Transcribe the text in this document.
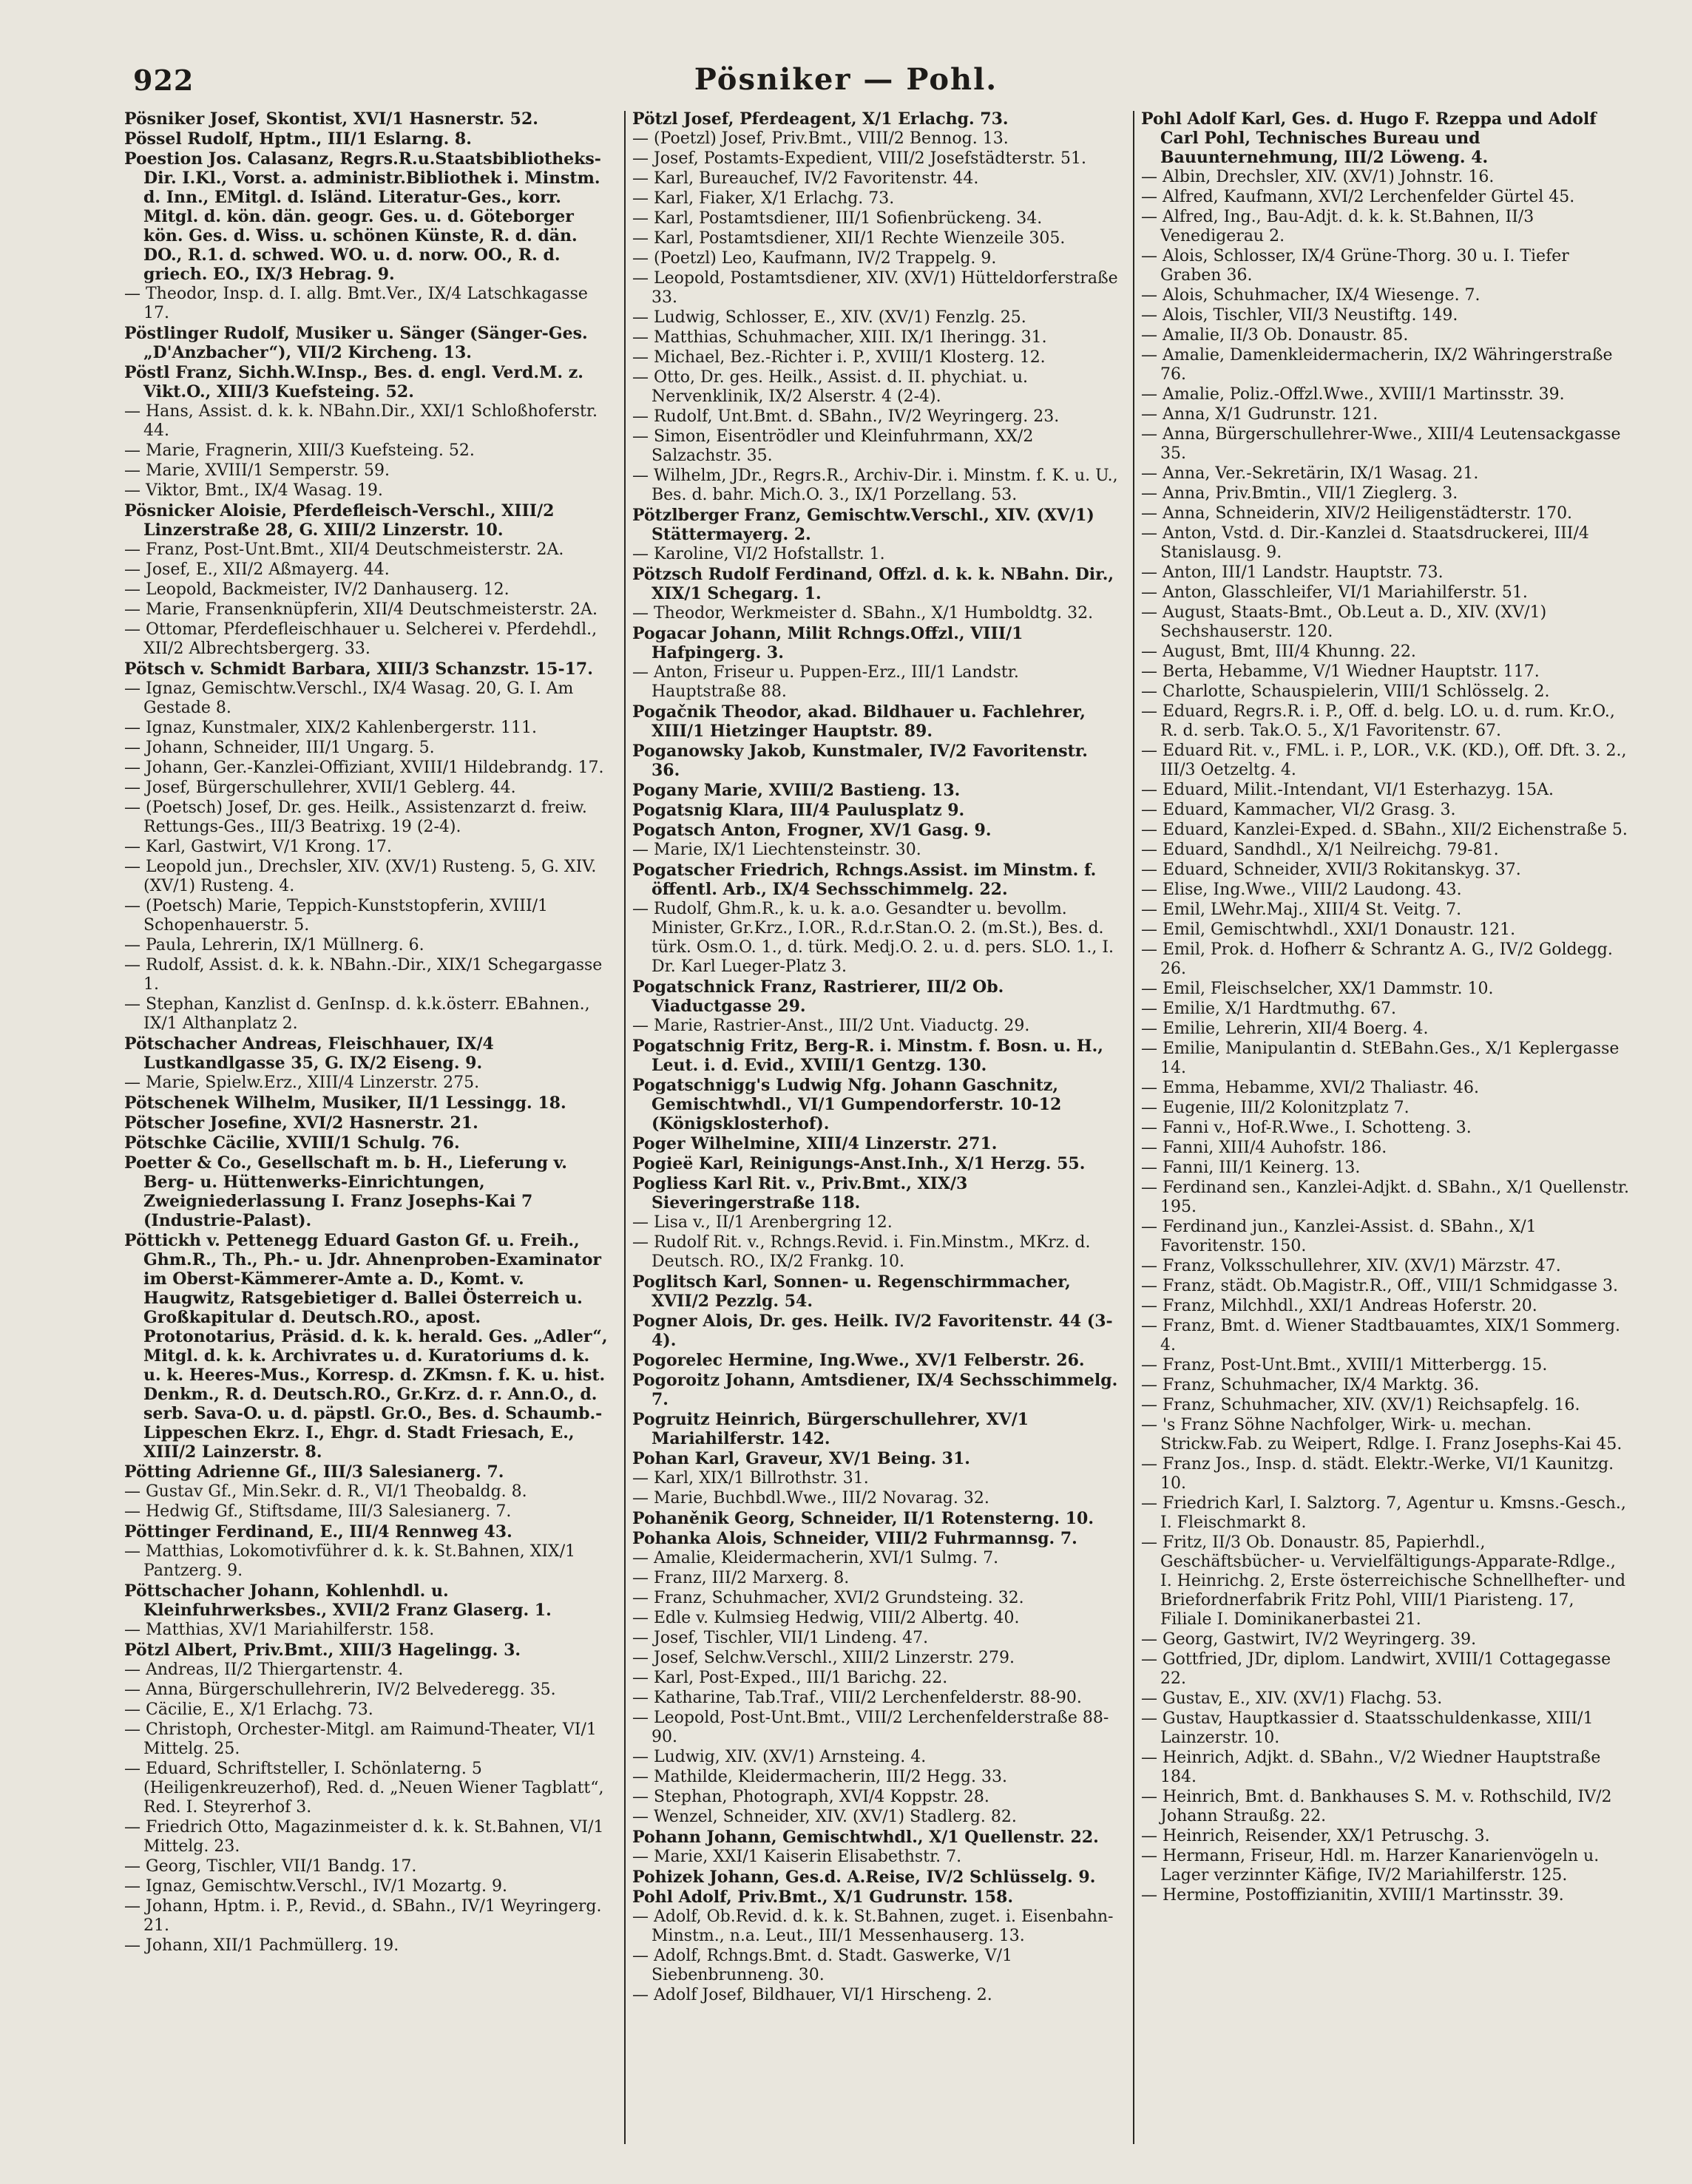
922	Pösniker — Pohl.
Pösniker Josef, Skontist, XVI/1 Hasnerstr. 52.
Pössel Rudolf, Hptm., III/1 Eslarng. 8.
Poestion Jos. Calasanz, Regrs.R.u.Staatsbibliotheks-Dir. I.Kl., Vorst. a. administr.Bibliothek i. Minstm. d. Inn., EMitgl. d. Isländ. Literatur-Ges., korr. Mitgl. d. kön. dän. geogr. Ges. u. d. Göteborger kön. Ges. d. Wiss. u. schönen Künste, R. d. dän. DO., R.1. d. schwed. WO. u. d. norw. OO., R. d. griech. EO., IX/3 Hebrag. 9.
— Theodor, Insp. d. I. allg. Bmt.Ver., IX/4 Latschkagasse 17.
Pöstlinger Rudolf, Musiker u. Sänger (Sänger-Ges. „D'Anzbacher“), VII/2 Kircheng. 13.
Pöstl Franz, Sichh.W.Insp., Bes. d. engl. Verd.M. z. Vikt.O., XIII/3 Kuefsteing. 52.
— Hans, Assist. d. k. k. NBahn.Dir., XXI/1 Schloßhoferstr. 44.
— Marie, Fragnerin, XIII/3 Kuefsteing. 52.
— Marie, XVIII/1 Semperstr. 59.
— Viktor, Bmt., IX/4 Wasag. 19.
Pösnicker Aloisie, Pferdefleisch-Verschl., XIII/2 Linzerstraße 28, G. XIII/2 Linzerstr. 10.
— Franz, Post-Unt.Bmt., XII/4 Deutschmeisterstr. 2A.
— Josef, E., XII/2 Aßmayerg. 44.
— Leopold, Backmeister, IV/2 Danhauserg. 12.
— Marie, Fransenknüpferin, XII/4 Deutschmeisterstr. 2A.
— Ottomar, Pferdefleischhauer u. Selcherei v. Pferdehdl., XII/2 Albrechtsbergerg. 33.
Pötsch v. Schmidt Barbara, XIII/3 Schanzstr. 15-17.
— Ignaz, Gemischtw.Verschl., IX/4 Wasag. 20, G. I. Am Gestade 8.
— Ignaz, Kunstmaler, XIX/2 Kahlenbergerstr. 111.
— Johann, Schneider, III/1 Ungarg. 5.
— Johann, Ger.-Kanzlei-Offiziant, XVIII/1 Hildebrandg. 17.
— Josef, Bürgerschullehrer, XVII/1 Geblerg. 44.
— (Poetsch) Josef, Dr. ges. Heilk., Assistenzarzt d. freiw. Rettungs-Ges., III/3 Beatrixg. 19 (2-4).
— Karl, Gastwirt, V/1 Krong. 17.
— Leopold jun., Drechsler, XIV. (XV/1) Rusteng. 5, G. XIV. (XV/1) Rusteng. 4.
— (Poetsch) Marie, Teppich-Kunststopferin, XVIII/1 Schopenhauerstr. 5.
— Paula, Lehrerin, IX/1 Müllnerg. 6.
— Rudolf, Assist. d. k. k. NBahn.-Dir., XIX/1 Schegargasse 1.
— Stephan, Kanzlist d. GenInsp. d. k.k.österr. EBahnen., IX/1 Althanplatz 2.
Pötschacher Andreas, Fleischhauer, IX/4 Lustkandlgasse 35, G. IX/2 Eiseng. 9.
— Marie, Spielw.Erz., XIII/4 Linzerstr. 275.
Pötschenek Wilhelm, Musiker, II/1 Lessingg. 18.
Pötscher Josefine, XVI/2 Hasnerstr. 21.
Pötschke Cäcilie, XVIII/1 Schulg. 76.
Poetter & Co., Gesellschaft m. b. H., Lieferung v. Berg- u. Hüttenwerks-Einrichtungen, Zweigniederlassung I. Franz Josephs-Kai 7 (Industrie-Palast).
Pöttickh v. Pettenegg Eduard Gaston Gf. u. Freih., Ghm.R., Th., Ph.- u. Jdr. Ahnenproben-Examinator im Oberst-Kämmerer-Amte a. D., Komt. v. Haugwitz, Ratsgebietiger d. Ballei Österreich u. Großkapitular d. Deutsch.RO., apost. Protonotarius, Präsid. d. k. k. herald. Ges. „Adler“, Mitgl. d. k. k. Archivrates u. d. Kuratoriums d. k. u. k. Heeres-Mus., Korresp. d. ZKmsn. f. K. u. hist. Denkm., R. d. Deutsch.RO., Gr.Krz. d. r. Ann.O., d. serb. Sava-O. u. d. päpstl. Gr.O., Bes. d. Schaumb.-Lippeschen Ekrz. I., Ehgr. d. Stadt Friesach, E., XIII/2 Lainzerstr. 8.
Pötting Adrienne Gf., III/3 Salesianerg. 7.
— Gustav Gf., Min.Sekr. d. R., VI/1 Theobaldg. 8.
— Hedwig Gf., Stiftsdame, III/3 Salesianerg. 7.
Pöttinger Ferdinand, E., III/4 Rennweg 43.
— Matthias, Lokomotivführer d. k. k. St.Bahnen, XIX/1 Pantzerg. 9.
Pöttschacher Johann, Kohlenhdl. u. Kleinfuhrwerksbes., XVII/2 Franz Glaserg. 1.
— Matthias, XV/1 Mariahilferstr. 158.
Pötzl Albert, Priv.Bmt., XIII/3 Hagelingg. 3.
— Andreas, II/2 Thiergartenstr. 4.
— Anna, Bürgerschullehrerin, IV/2 Belvederegg. 35.
— Cäcilie, E., X/1 Erlachg. 73.
— Christoph, Orchester-Mitgl. am Raimund-Theater, VI/1 Mittelg. 25.
— Eduard, Schriftsteller, I. Schönlaterng. 5 (Heiligenkreuzerhof), Red. d. „Neuen Wiener Tagblatt“, Red. I. Steyrerhof 3.
— Friedrich Otto, Magazinmeister d. k. k. St.Bahnen, VI/1 Mittelg. 23.
— Georg, Tischler, VII/1 Bandg. 17.
— Ignaz, Gemischtw.Verschl., IV/1 Mozartg. 9.
— Johann, Hptm. i. P., Revid., d. SBahn., IV/1 Weyringerg. 21.
— Johann, XII/1 Pachmüllerg. 19.
Pötzl Josef, Pferdeagent, X/1 Erlachg. 73.
— (Poetzl) Josef, Priv.Bmt., VIII/2 Bennog. 13.
— Josef, Postamts-Expedient, VIII/2 Josefstädterstr. 51.
— Karl, Bureauchef, IV/2 Favoritenstr. 44.
— Karl, Fiaker, X/1 Erlachg. 73.
— Karl, Postamtsdiener, III/1 Sofienbrückeng. 34.
— Karl, Postamtsdiener, XII/1 Rechte Wienzeile 305.
— (Poetzl) Leo, Kaufmann, IV/2 Trappelg. 9.
— Leopold, Postamtsdiener, XIV. (XV/1) Hütteldorferstraße 33.
— Ludwig, Schlosser, E., XIV. (XV/1) Fenzlg. 25.
— Matthias, Schuhmacher, XIII. IX/1 Iheringg. 31.
— Michael, Bez.-Richter i. P., XVIII/1 Klosterg. 12.
— Otto, Dr. ges. Heilk., Assist. d. II. phychiat. u. Nervenklinik, IX/2 Alserstr. 4 (2-4).
— Rudolf, Unt.Bmt. d. SBahn., IV/2 Weyringerg. 23.
— Simon, Eisentrödler und Kleinfuhrmann, XX/2 Salzachstr. 35.
— Wilhelm, JDr., Regrs.R., Archiv-Dir. i. Minstm. f. K. u. U., Bes. d. bahr. Mich.O. 3., IX/1 Porzellang. 53.
Pötzlberger Franz, Gemischtw.Verschl., XIV. (XV/1) Stättermayerg. 2.
— Karoline, VI/2 Hofstallstr. 1.
Pötzsch Rudolf Ferdinand, Offzl. d. k. k. NBahn. Dir., XIX/1 Schegarg. 1.
— Theodor, Werkmeister d. SBahn., X/1 Humboldtg. 32.
Pogacar Johann, Milit Rchngs.Offzl., VIII/1 Hafpingerg. 3.
— Anton, Friseur u. Puppen-Erz., III/1 Landstr. Hauptstraße 88.
Pogačnik Theodor, akad. Bildhauer u. Fachlehrer, XIII/1 Hietzinger Hauptstr. 89.
Poganowsky Jakob, Kunstmaler, IV/2 Favoritenstr. 36.
Pogany Marie, XVIII/2 Bastieng. 13.
Pogatsnig Klara, III/4 Paulusplatz 9.
Pogatsch Anton, Frogner, XV/1 Gasg. 9.
— Marie, IX/1 Liechtensteinstr. 30.
Pogatscher Friedrich, Rchngs.Assist. im Minstm. f. öffentl. Arb., IX/4 Sechsschimmelg. 22.
— Rudolf, Ghm.R., k. u. k. a.o. Gesandter u. bevollm. Minister, Gr.Krz., I.OR., R.d.r.Stan.O. 2. (m.St.), Bes. d. türk. Osm.O. 1., d. türk. Medj.O. 2. u. d. pers. SLO. 1., I. Dr. Karl Lueger-Platz 3.
Pogatschnick Franz, Rastrierer, III/2 Ob. Viaductgasse 29.
— Marie, Rastrier-Anst., III/2 Unt. Viaductg. 29.
Pogatschnig Fritz, Berg-R. i. Minstm. f. Bosn. u. H., Leut. i. d. Evid., XVIII/1 Gentzg. 130.
Pogatschnigg's Ludwig Nfg. Johann Gaschnitz, Gemischtwhdl., VI/1 Gumpendorferstr. 10-12 (Königsklosterhof).
Poger Wilhelmine, XIII/4 Linzerstr. 271.
Pogieë Karl, Reinigungs-Anst.Inh., X/1 Herzg. 55.
Pogliess Karl Rit. v., Priv.Bmt., XIX/3 Sieveringerstraße 118.
— Lisa v., II/1 Arenbergring 12.
— Rudolf Rit. v., Rchngs.Revid. i. Fin.Minstm., MKrz. d. Deutsch. RO., IX/2 Frankg. 10.
Poglitsch Karl, Sonnen- u. Regenschirmmacher, XVII/2 Pezzlg. 54.
Pogner Alois, Dr. ges. Heilk. IV/2 Favoritenstr. 44 (3-4).
Pogorelec Hermine, Ing.Wwe., XV/1 Felberstr. 26.
Pogoroitz Johann, Amtsdiener, IX/4 Sechsschimmelg. 7.
Pogruitz Heinrich, Bürgerschullehrer, XV/1 Mariahilferstr. 142.
Pohan Karl, Graveur, XV/1 Being. 31.
— Karl, XIX/1 Billrothstr. 31.
— Marie, Buchbdl.Wwe., III/2 Novarag. 32.
Pohaněnik Georg, Schneider, II/1 Rotensterng. 10.
Pohanka Alois, Schneider, VIII/2 Fuhrmannsg. 7.
— Amalie, Kleidermacherin, XVI/1 Sulmg. 7.
— Franz, III/2 Marxerg. 8.
— Franz, Schuhmacher, XVI/2 Grundsteing. 32.
— Edle v. Kulmsieg Hedwig, VIII/2 Albertg. 40.
— Josef, Tischler, VII/1 Lindeng. 47.
— Josef, Selchw.Verschl., XIII/2 Linzerstr. 279.
— Karl, Post-Exped., III/1 Barichg. 22.
— Katharine, Tab.Traf., VIII/2 Lerchenfelderstr. 88-90.
— Leopold, Post-Unt.Bmt., VIII/2 Lerchenfelderstraße 88-90.
— Ludwig, XIV. (XV/1) Arnsteing. 4.
— Mathilde, Kleidermacherin, III/2 Hegg. 33.
— Stephan, Photograph, XVI/4 Koppstr. 28.
— Wenzel, Schneider, XIV. (XV/1) Stadlerg. 82.
Pohann Johann, Gemischtwhdl., X/1 Quellenstr. 22.
— Marie, XXI/1 Kaiserin Elisabethstr. 7.
Pohizek Johann, Ges.d. A.Reise, IV/2 Schlüsselg. 9.
Pohl Adolf, Priv.Bmt., X/1 Gudrunstr. 158.
— Adolf, Ob.Revid. d. k. k. St.Bahnen, zuget. i. Eisenbahn-Minstm., n.a. Leut., III/1 Messenhauserg. 13.
— Adolf, Rchngs.Bmt. d. Stadt. Gaswerke, V/1 Siebenbrunneng. 30.
— Adolf Josef, Bildhauer, VI/1 Hirscheng. 2.
Pohl Adolf Karl, Ges. d. Hugo F. Rzeppa und Adolf Carl Pohl, Technisches Bureau und Bauunternehmung, III/2 Löweng. 4.
— Albin, Drechsler, XIV. (XV/1) Johnstr. 16.
— Alfred, Kaufmann, XVI/2 Lerchenfelder Gürtel 45.
— Alfred, Ing., Bau-Adjt. d. k. k. St.Bahnen, II/3 Venedigerau 2.
— Alois, Schlosser, IX/4 Grüne-Thorg. 30 u. I. Tiefer Graben 36.
— Alois, Schuhmacher, IX/4 Wiesenge. 7.
— Alois, Tischler, VII/3 Neustiftg. 149.
— Amalie, II/3 Ob. Donaustr. 85.
— Amalie, Damenkleidermacherin, IX/2 Währingerstraße 76.
— Amalie, Poliz.-Offzl.Wwe., XVIII/1 Martinsstr. 39.
— Anna, X/1 Gudrunstr. 121.
— Anna, Bürgerschullehrer-Wwe., XIII/4 Leutensackgasse 35.
— Anna, Ver.-Sekretärin, IX/1 Wasag. 21.
— Anna, Priv.Bmtin., VII/1 Zieglerg. 3.
— Anna, Schneiderin, XIV/2 Heiligenstädterstr. 170.
— Anton, Vstd. d. Dir.-Kanzlei d. Staatsdruckerei, III/4 Stanislausg. 9.
— Anton, III/1 Landstr. Hauptstr. 73.
— Anton, Glasschleifer, VI/1 Mariahilferstr. 51.
— August, Staats-Bmt., Ob.Leut a. D., XIV. (XV/1) Sechshauserstr. 120.
— August, Bmt, III/4 Khunng. 22.
— Berta, Hebamme, V/1 Wiedner Hauptstr. 117.
— Charlotte, Schauspielerin, VIII/1 Schlösselg. 2.
— Eduard, Regrs.R. i. P., Off. d. belg. LO. u. d. rum. Kr.O., R. d. serb. Tak.O. 5., X/1 Favoritenstr. 67.
— Eduard Rit. v., FML. i. P., LOR., V.K. (KD.), Off. Dft. 3. 2., III/3 Oetzeltg. 4.
— Eduard, Milit.-Intendant, VI/1 Esterhazyg. 15A.
— Eduard, Kammacher, VI/2 Grasg. 3.
— Eduard, Kanzlei-Exped. d. SBahn., XII/2 Eichenstraße 5.
— Eduard, Sandhdl., X/1 Neilreichg. 79-81.
— Eduard, Schneider, XVII/3 Rokitanskyg. 37.
— Elise, Ing.Wwe., VIII/2 Laudong. 43.
— Emil, LWehr.Maj., XIII/4 St. Veitg. 7.
— Emil, Gemischtwhdl., XXI/1 Donaustr. 121.
— Emil, Prok. d. Hofherr & Schrantz A. G., IV/2 Goldegg. 26.
— Emil, Fleischselcher, XX/1 Dammstr. 10.
— Emilie, X/1 Hardtmuthg. 67.
— Emilie, Lehrerin, XII/4 Boerg. 4.
— Emilie, Manipulantin d. StEBahn.Ges., X/1 Keplergasse 14.
— Emma, Hebamme, XVI/2 Thaliastr. 46.
— Eugenie, III/2 Kolonitzplatz 7.
— Fanni v., Hof-R.Wwe., I. Schotteng. 3.
— Fanni, XIII/4 Auhofstr. 186.
— Fanni, III/1 Keinerg. 13.
— Ferdinand sen., Kanzlei-Adjkt. d. SBahn., X/1 Quellenstr. 195.
— Ferdinand jun., Kanzlei-Assist. d. SBahn., X/1 Favoritenstr. 150.
— Franz, Volksschullehrer, XIV. (XV/1) Märzstr. 47.
— Franz, städt. Ob.Magistr.R., Off., VIII/1 Schmidgasse 3.
— Franz, Milchhdl., XXI/1 Andreas Hoferstr. 20.
— Franz, Bmt. d. Wiener Stadtbauamtes, XIX/1 Sommerg. 4.
— Franz, Post-Unt.Bmt., XVIII/1 Mitterbergg. 15.
— Franz, Schuhmacher, IX/4 Marktg. 36.
— Franz, Schuhmacher, XIV. (XV/1) Reichsapfelg. 16.
— 's Franz Söhne Nachfolger, Wirk- u. mechan. Strickw.Fab. zu Weipert, Rdlge. I. Franz Josephs-Kai 45.
— Franz Jos., Insp. d. städt. Elektr.-Werke, VI/1 Kaunitzg. 10.
— Friedrich Karl, I. Salztorg. 7, Agentur u. Kmsns.-Gesch., I. Fleischmarkt 8.
— Fritz, II/3 Ob. Donaustr. 85, Papierhdl., Geschäftsbücher- u. Vervielfältigungs-Apparate-Rdlge., I. Heinrichg. 2, Erste österreichische Schnellhefter- und Briefordnerfabrik Fritz Pohl, VIII/1 Piaristeng. 17, Filiale I. Dominikanerbastei 21.
— Georg, Gastwirt, IV/2 Weyringerg. 39.
— Gottfried, JDr, diplom. Landwirt, XVIII/1 Cottagegasse 22.
— Gustav, E., XIV. (XV/1) Flachg. 53.
— Gustav, Hauptkassier d. Staatsschuldenkasse, XIII/1 Lainzerstr. 10.
— Heinrich, Adjkt. d. SBahn., V/2 Wiedner Hauptstraße 184.
— Heinrich, Bmt. d. Bankhauses S. M. v. Rothschild, IV/2 Johann Straußg. 22.
— Heinrich, Reisender, XX/1 Petruschg. 3.
— Hermann, Friseur, Hdl. m. Harzer Kanarienvögeln u. Lager verzinnter Käfige, IV/2 Mariahilferstr. 125.
— Hermine, Postoffizianitin, XVIII/1 Martinsstr. 39.
